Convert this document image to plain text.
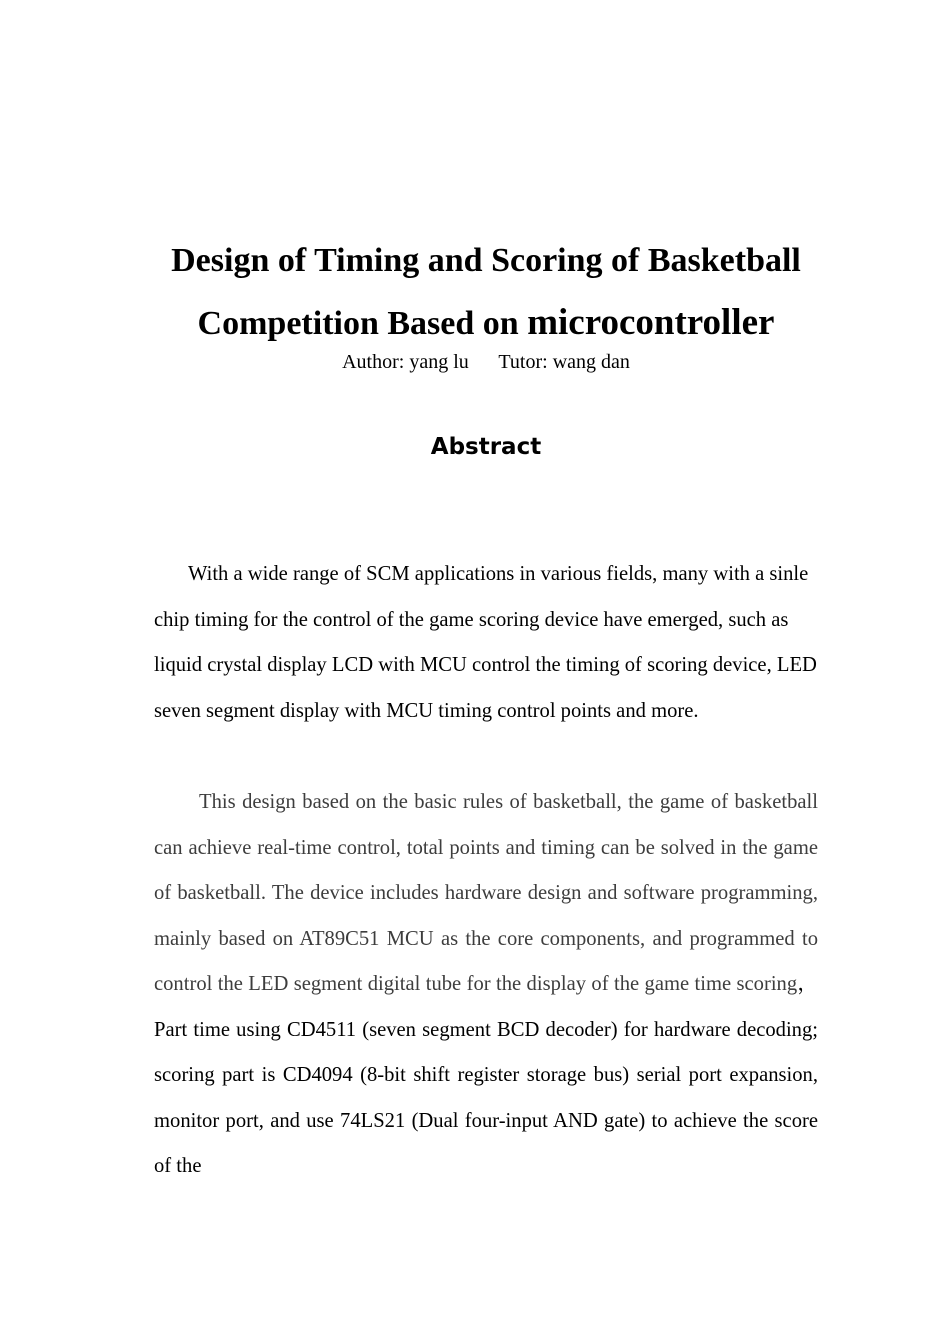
Design of Timing and Scoring of Basketball
Competition Based on microcontroller
Author: yang lu Tutor: wang dan
Abstract

With a wide range of SCM applications in various fields, many with a sinle chip timing for the control of the game scoring device have emerged, such as liquid crystal display LCD with MCU control the timing of scoring device, LED seven segment display with MCU timing control points and more.

This design based on the basic rules of basketball, the game of basketball can achieve real-time control, total points and timing can be solved in the game of basketball. The device includes hardware design and software programming, mainly based on AT89C51 MCU as the core components, and programmed to control the LED segment digital tube for the display of the game time scoring， Part time using CD4511 (seven segment BCD decoder) for hardware decoding; scoring part is CD4094 (8-bit shift register storage bus) serial port expansion, monitor port, and use 74LS21 (Dual four-input AND gate) to achieve the score of the
